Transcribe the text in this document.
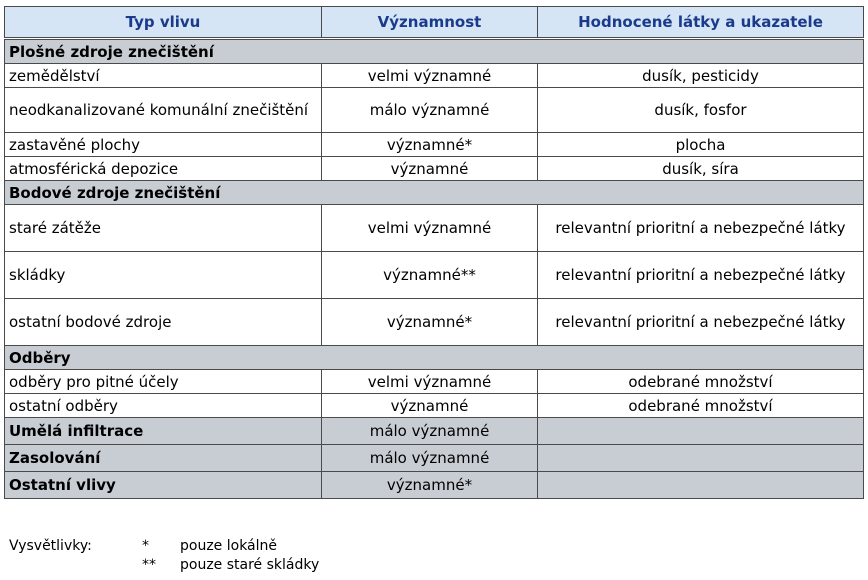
Typ vlivu	Významnost	Hodnocené látky a ukazatele
Plošné zdroje znečištění		
zemědělství	velmi významné	dusík, pesticidy
neodkanalizované komunální znečištění	málo významné	dusík, fosfor
zastavěné plochy	významné*	plocha
atmosférická depozice	významné	dusík, síra
Bodové zdroje znečištění		
staré zátěže	velmi významné	relevantní prioritní a nebezpečné látky
skládky	významné**	relevantní prioritní a nebezpečné látky
ostatní bodové zdroje	významné*	relevantní prioritní a nebezpečné látky
Odběry		
odběry pro pitné účely	velmi významné	odebrané množství
ostatní odběry	významné	odebrané množství
Umělá infiltrace	málo významné	
Zasolování	málo významné	
Ostatní vlivy	významné*	
Vysvětlivky:	* pouze lokálně
** pouze staré skládky
